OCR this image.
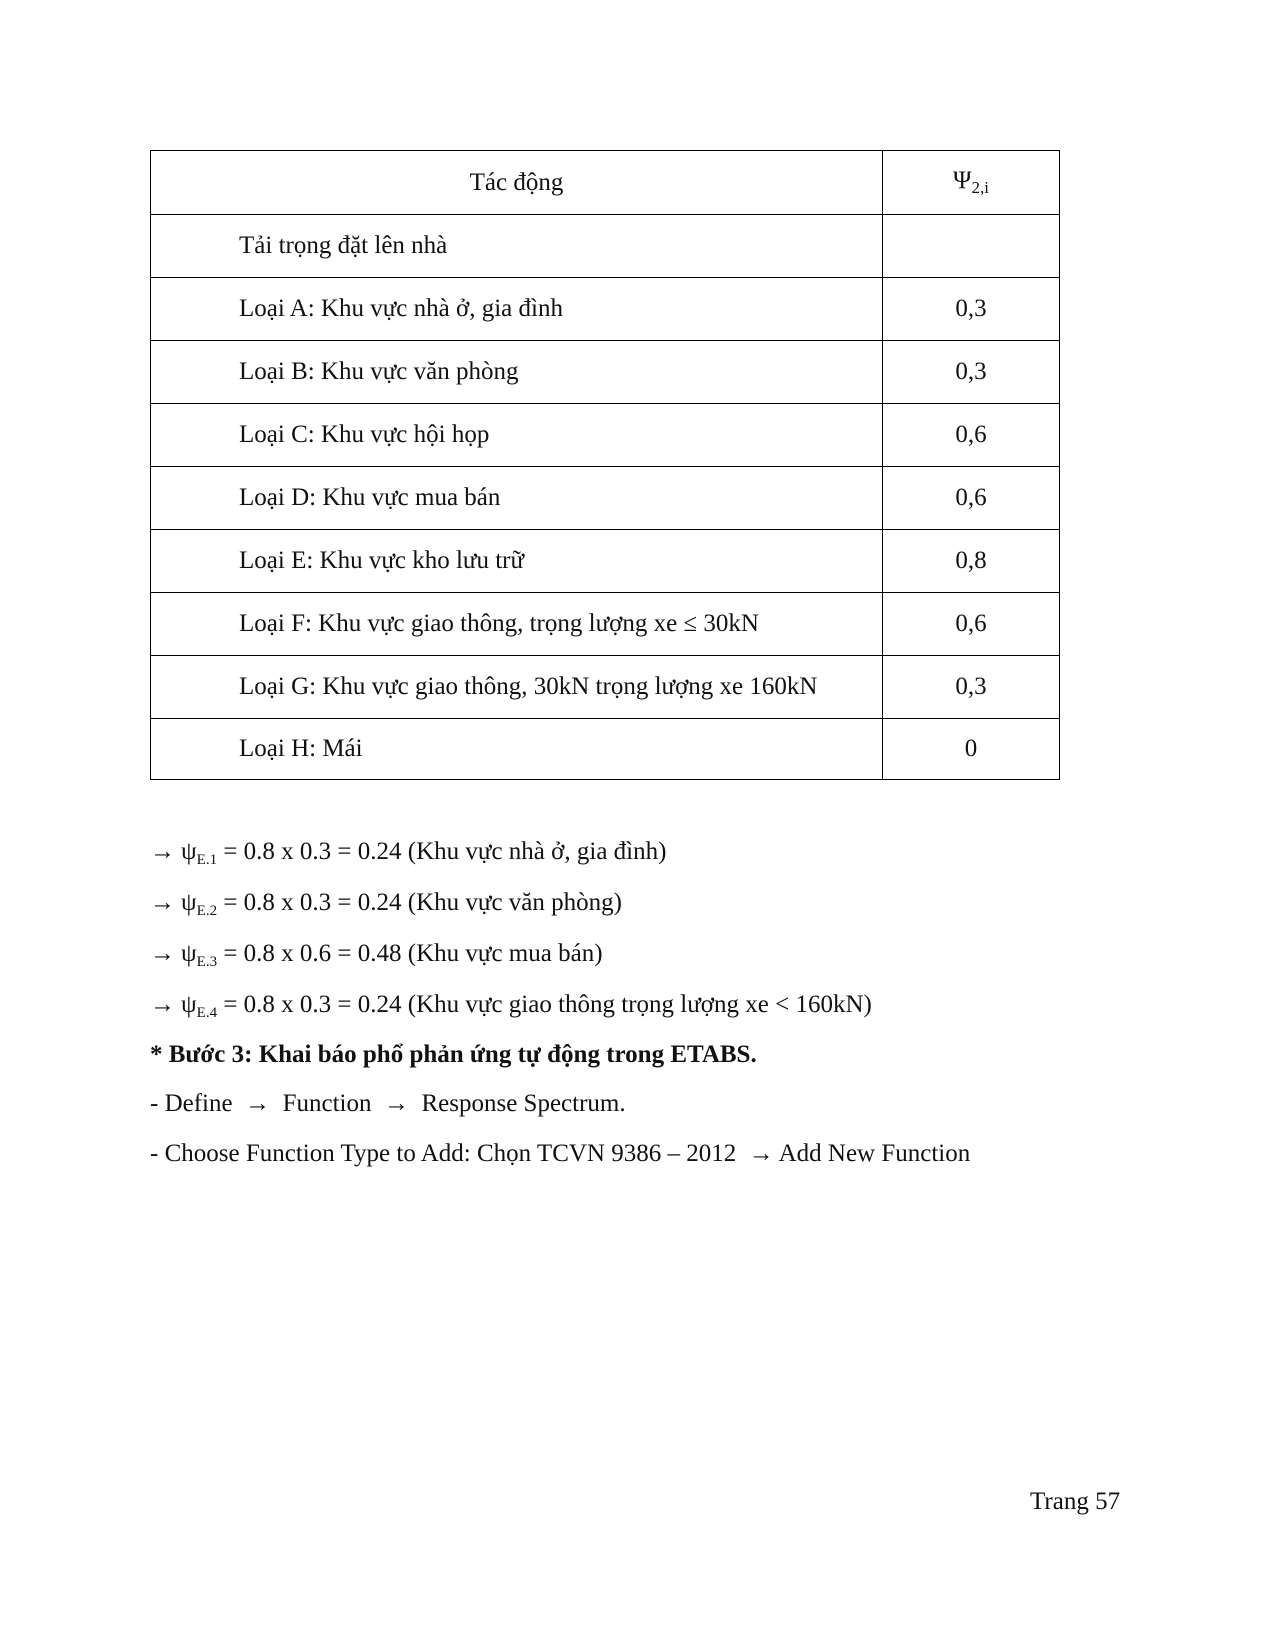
Tác động	$\Psi_{2,i}$
Tải trọng đặt lên nhà	
Loại A: Khu vực nhà ở, gia đình	0,3
Loại B: Khu vực văn phòng	0,3
Loại C: Khu vực hội họp	0,6
Loại D: Khu vực mua bán	0,6
Loại E: Khu vực kho lưu trữ	0,8
Loại F: Khu vực giao thông, trọng lượng xe ≤ 30kN	0,6
Loại G: Khu vực giao thông, 30kN trọng lượng xe 160kN	0,3
Loại H: Mái	0
→ $\psi_{E.1} = 0.8$ x 0.3 = 0.24 (Khu vực nhà ở, gia đình)
→ $\psi_{E.2} = 0.8$ x 0.3 = 0.24 (Khu vực văn phòng)
→ $\psi_{E.3} = 0.8$ x 0.6 = 0.48 (Khu vực mua bán)
→ $\psi_{E.4} = 0.8$ x 0.3 = 0.24 (Khu vực giao thông trọng lượng xe < 160kN)
* Bước 3: Khai báo phổ phản ứng tự động trong ETABS.
- Define  →  Function  →  Response Spectrum.
- Choose Function Type to Add: Chọn TCVN 9386 – 2012  → Add New Function
Trang 57
